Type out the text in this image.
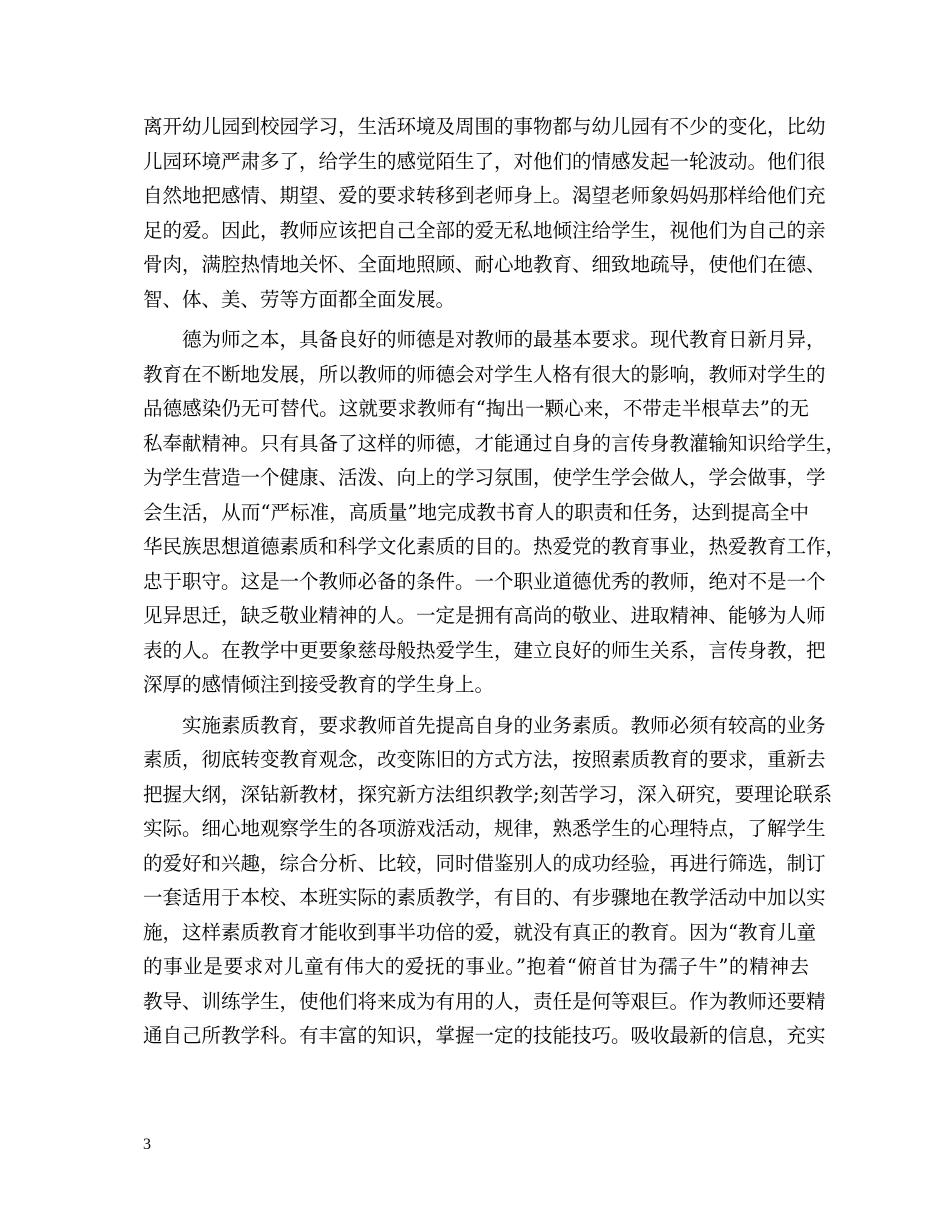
离开幼儿园到校园学习，生活环境及周围的事物都与幼儿园有不少的变化，比幼
儿园环境严肃多了，给学生的感觉陌生了，对他们的情感发起一轮波动。他们很
自然地把感情、期望、爱的要求转移到老师身上。渴望老师象妈妈那样给他们充
足的爱。因此，教师应该把自己全部的爱无私地倾注给学生，视他们为自己的亲
骨肉，满腔热情地关怀、全面地照顾、耐心地教育、细致地疏导，使他们在德、
智、体、美、劳等方面都全面发展。

德为师之本，具备良好的师德是对教师的最基本要求。现代教育日新月异，
教育在不断地发展，所以教师的师德会对学生人格有很大的影响，教师对学生的
品德感染仍无可替代。这就要求教师有“掏出一颗心来，不带走半根草去”的无
私奉献精神。只有具备了这样的师德，才能通过自身的言传身教灌输知识给学生，
为学生营造一个健康、活泼、向上的学习氛围，使学生学会做人，学会做事，学
会生活，从而“严标准，高质量”地完成教书育人的职责和任务，达到提高全中
华民族思想道德素质和科学文化素质的目的。热爱党的教育事业，热爱教育工作，
忠于职守。这是一个教师必备的条件。一个职业道德优秀的教师，绝对不是一个
见异思迁，缺乏敬业精神的人。一定是拥有高尚的敬业、进取精神、能够为人师
表的人。在教学中更要象慈母般热爱学生，建立良好的师生关系，言传身教，把
深厚的感情倾注到接受教育的学生身上。

实施素质教育，要求教师首先提高自身的业务素质。教师必须有较高的业务
素质，彻底转变教育观念，改变陈旧的方式方法，按照素质教育的要求，重新去
把握大纲，深钻新教材，探究新方法组织教学;刻苦学习，深入研究，要理论联系
实际。细心地观察学生的各项游戏活动，规律，熟悉学生的心理特点，了解学生
的爱好和兴趣，综合分析、比较，同时借鉴别人的成功经验，再进行筛选，制订
一套适用于本校、本班实际的素质教学，有目的、有步骤地在教学活动中加以实
施，这样素质教育才能收到事半功倍的爱，就没有真正的教育。因为“教育儿童
的事业是要求对儿童有伟大的爱抚的事业。”抱着“俯首甘为孺子牛”的精神去
教导、训练学生，使他们将来成为有用的人，责任是何等艰巨。作为教师还要精
通自己所教学科。有丰富的知识，掌握一定的技能技巧。吸收最新的信息，充实

3
